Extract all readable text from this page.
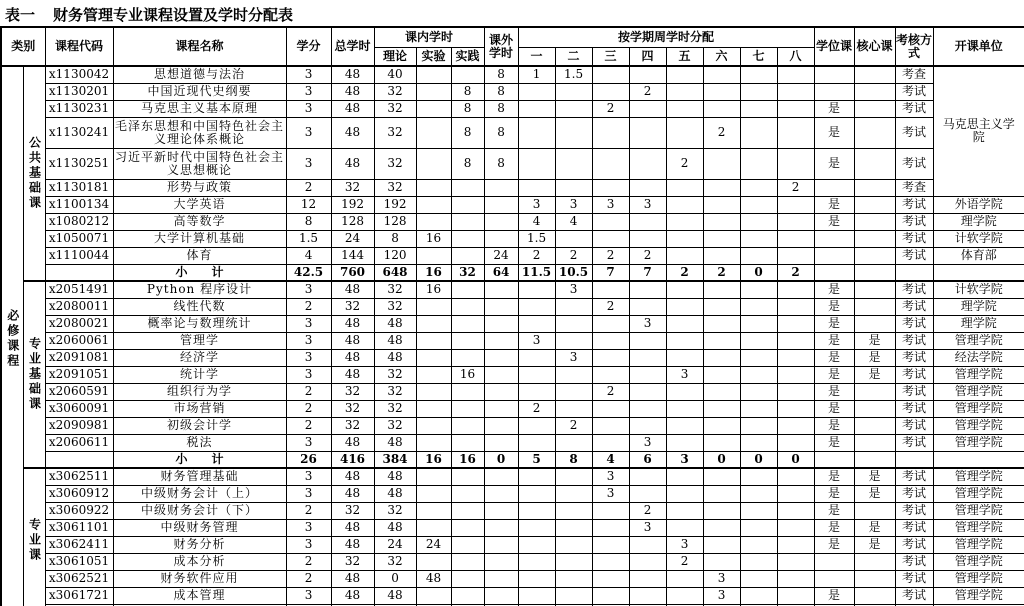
表一 财务管理专业课程设置及学时分配表
类别		课程代码	课程名称	学分	总学时	课内学时			课外学时	按学期周学时分配								学位课	核心课	考核方式	开课单位
						理论	实验	实践		一	二	三	四	五	六	七	八				
必修课程	公共基础课	x1130042	思想道德与法治	3	48	40			8	1	1.5									考查	马克思主义学院
		x1130201	中国近现代史纲要	3	48	32		8	8				2							考试	
		x1130231	马克思主义基本原理	3	48	32		8	8			2						是		考试	
		x1130241	毛泽东思想和中国特色社会主义理论体系概论	3	48	32		8	8						2			是		考试	
		x1130251	习近平新时代中国特色社会主义思想概论	3	48	32		8	8					2				是		考试	
		x1130181	形势与政策	2	32	32											2			考查	
		x1100134	大学英语	12	192	192				3	3	3	3					是		考试	外语学院
		x1080212	高等数学	8	128	128				4	4							是		考试	理学院
		x1050071	大学计算机基础	1.5	24	8	16			1.5										考试	计软学院
		x1110044	体育	4	144	120			24	2	2	2	2							考试	体育部
			小　　计	42.5	760	648	16	32	64	11.5	10.5	7	7	2	2	0	2				
	专业基础课	x2051491	Python 程序设计	3	48	32	16				3							是		考试	计软学院
		x2080011	线性代数	2	32	32						2						是		考试	理学院
		x2080021	概率论与数理统计	3	48	48							3					是		考试	理学院
		x2060061	管理学	3	48	48				3								是	是	考试	管理学院
		x2091081	经济学	3	48	48					3							是	是	考试	经法学院
		x2091051	统计学	3	48	32		16						3				是	是	考试	管理学院
		x2060591	组织行为学	2	32	32						2						是		考试	管理学院
		x3060091	市场营销	2	32	32				2								是		考试	管理学院
		x2090981	初级会计学	2	32	32					2							是		考试	管理学院
		x2060611	税法	3	48	48							3					是		考试	管理学院
			小　　计	26	416	384	16	16	0	5	8	4	6	3	0	0	0				
	专业课	x3062511	财务管理基础	3	48	48						3						是	是	考试	管理学院
		x3060912	中级财务会计（上）	3	48	48						3						是	是	考试	管理学院
		x3060922	中级财务会计（下）	2	32	32							2					是		考试	管理学院
		x3061101	中级财务管理	3	48	48							3					是	是	考试	管理学院
		x3062411	财务分析	3	48	24	24							3				是	是	考试	管理学院
		x3061051	成本分析	2	32	32								2						考试	管理学院
		x3062521	财务软件应用	2	48	0	48								3					考试	管理学院
		x3061721	成本管理	3	48	48									3			是		考试	管理学院
